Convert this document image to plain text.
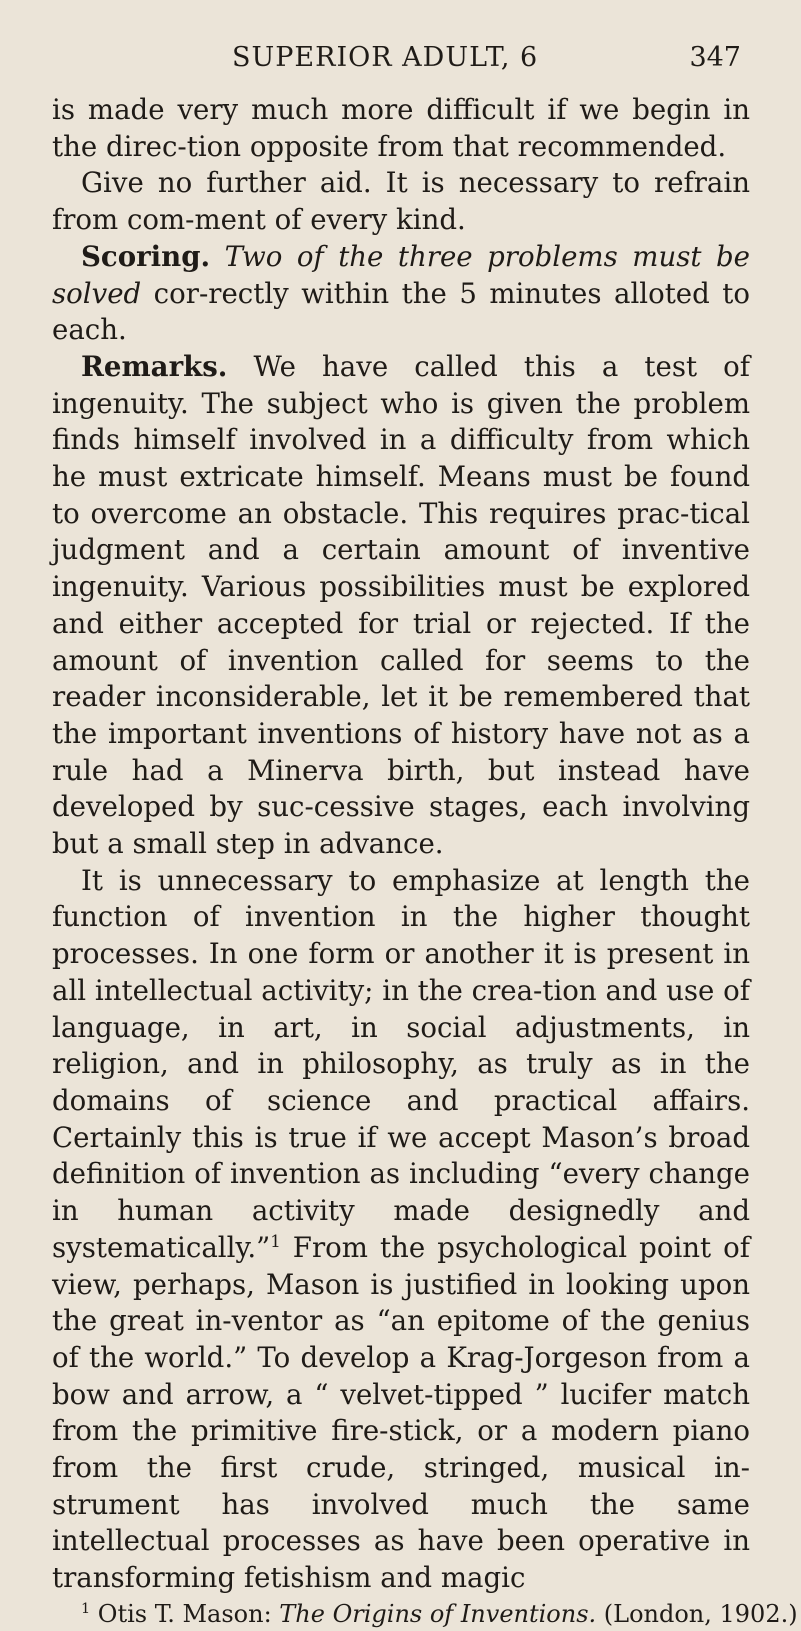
SUPERIOR ADULT, 6	347

is made very much more difficult if we begin in the direc-tion opposite from that recommended.

Give no further aid. It is necessary to refrain from com-ment of every kind.

Scoring. Two of the three problems must be solved cor-rectly within the 5 minutes alloted to each.

Remarks. We have called this a test of ingenuity. The subject who is given the problem finds himself involved in a difficulty from which he must extricate himself. Means must be found to overcome an obstacle. This requires prac-tical judgment and a certain amount of inventive ingenuity. Various possibilities must be explored and either accepted for trial or rejected. If the amount of invention called for seems to the reader inconsiderable, let it be remembered that the important inventions of history have not as a rule had a Minerva birth, but instead have developed by suc-cessive stages, each involving but a small step in advance.

It is unnecessary to emphasize at length the function of invention in the higher thought processes. In one form or another it is present in all intellectual activity; in the crea-tion and use of language, in art, in social adjustments, in religion, and in philosophy, as truly as in the domains of science and practical affairs. Certainly this is true if we accept Mason’s broad definition of invention as including “every change in human activity made designedly and systematically.”$^1$ From the psychological point of view, perhaps, Mason is justified in looking upon the great in-ventor as “an epitome of the genius of the world.” To develop a Krag-Jorgeson from a bow and arrow, a “ velvet-tipped ” lucifer match from the primitive fire-stick, or a modern piano from the first crude, stringed, musical in-strument has involved much the same intellectual processes as have been operative in transforming fetishism and magic

$^1$ Otis T. Mason: The Origins of Inventions. (London, 1902.)
